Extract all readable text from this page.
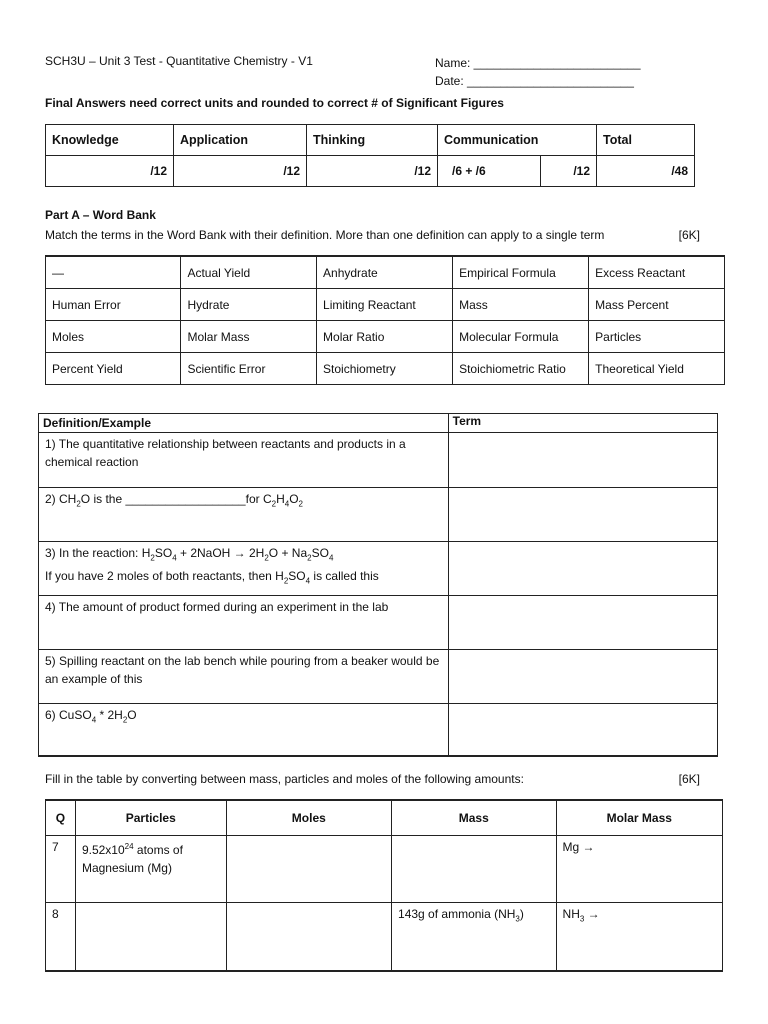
SCH3U – Unit 3 Test - Quantitative Chemistry - V1	Name: _________________________
Date: _________________________
Final Answers need correct units and rounded to correct # of Significant Figures
Knowledge	Application	Thinking	Communication		Total
/12	/12	/12	/6 + /6	/12	/48
Part A – Word Bank
Match the terms in the Word Bank with their definition. More than one definition can apply to a single term	[6K]
—	Actual Yield	Anhydrate	Empirical Formula	Excess Reactant
Human Error	Hydrate	Limiting Reactant	Mass	Mass Percent
Moles	Molar Mass	Molar Ratio	Molecular Formula	Particles
Percent Yield	Scientific Error	Stoichiometry	Stoichiometric Ratio	Theoretical Yield
Definition/Example	Term
1) The quantitative relationship between reactants and products in a chemical reaction	
2) $CH_2O$ is the __________________for $C_2H_4O_2$	
3) In the reaction: $H_2SO_4$ + 2NaOH → $2H_2O + Na_2SO_4$
If you have 2 moles of both reactants, then $H_2SO_4$ is called this	
4) The amount of product formed during an experiment in the lab	
5) Spilling reactant on the lab bench while pouring from a beaker would be an example of this	
6) CuSO$_4$ * $2H_2O$	
Fill in the table by converting between mass, particles and moles of the following amounts:	[6K]
Q	Particles	Moles	Mass	Molar Mass
7	$9.52x10^{24}$ atoms of Magnesium (Mg)			Mg →
8			143g of ammonia $(NH_3)$	$NH_3$ →
